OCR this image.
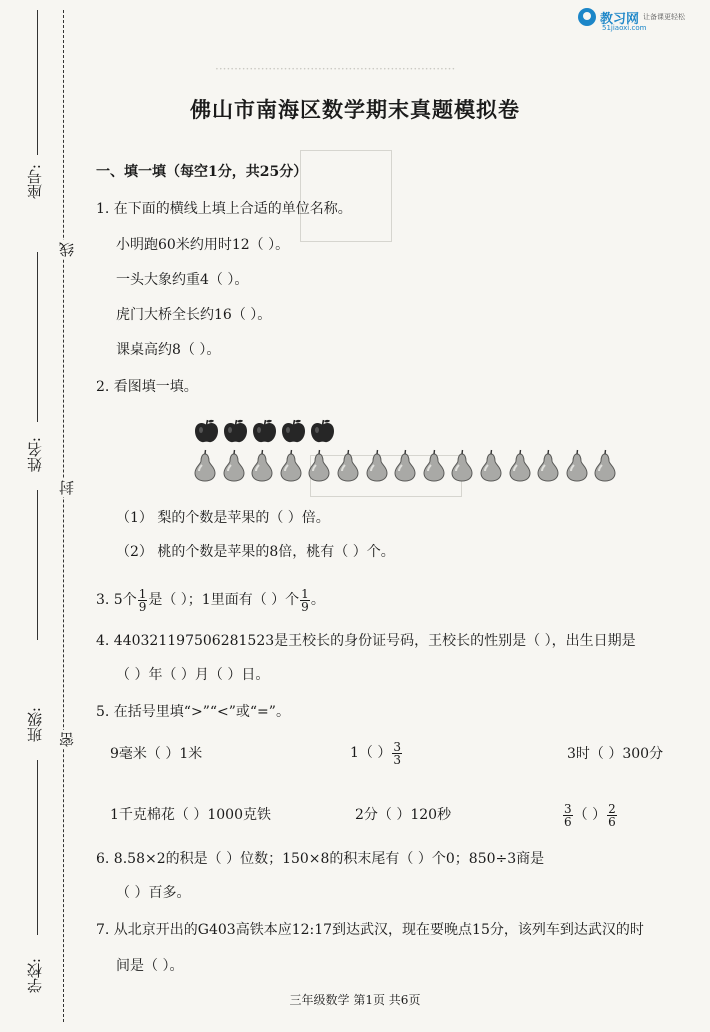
·······························································
教习网 让备课更轻松
51jiaoxi.com
座号:
姓名:
班级:
学校:
线
封
密
佛山市南海区数学期末真题模拟卷
一、填一填（每空1分，共25分）
1. 在下面的横线上填上合适的单位名称。
小明跑60米约用时12（ ）。
一头大象约重4（ ）。
虎门大桥全长约16（ ）。
课桌高约8（ ）。
2. 看图填一填。
（1） 梨的个数是苹果的（ ）倍。
（2） 桃的个数是苹果的8倍，桃有（ ）个。
3. 5个 $\frac{1}{9}$ 是（ ）；1里面有（ ）个 $\frac{1}{9}$ 。
4. 440321197506281523是王校长的身份证号码，王校长的性别是（ ），出生日期是
（ ）年（ ）月（ ）日。
5. 在括号里填“>”“<”或“=”。
9毫米（ ）1米	1（ ） $\frac{3}{3}$	3时（ ）300分
1千克棉花（ ）1000克铁	2分（ ）120秒	$\frac{3}{6}$ （ ） $\frac{2}{6}$
6. 8.58×2的积是（ ）位数；150×8的积末尾有（ ）个0；850÷3商是
（ ）百多。
7. 从北京开出的G403高铁本应12:17到达武汉，现在要晚点15分，该列车到达武汉的时
间是（ ）。
三年级数学 第1页 共6页
